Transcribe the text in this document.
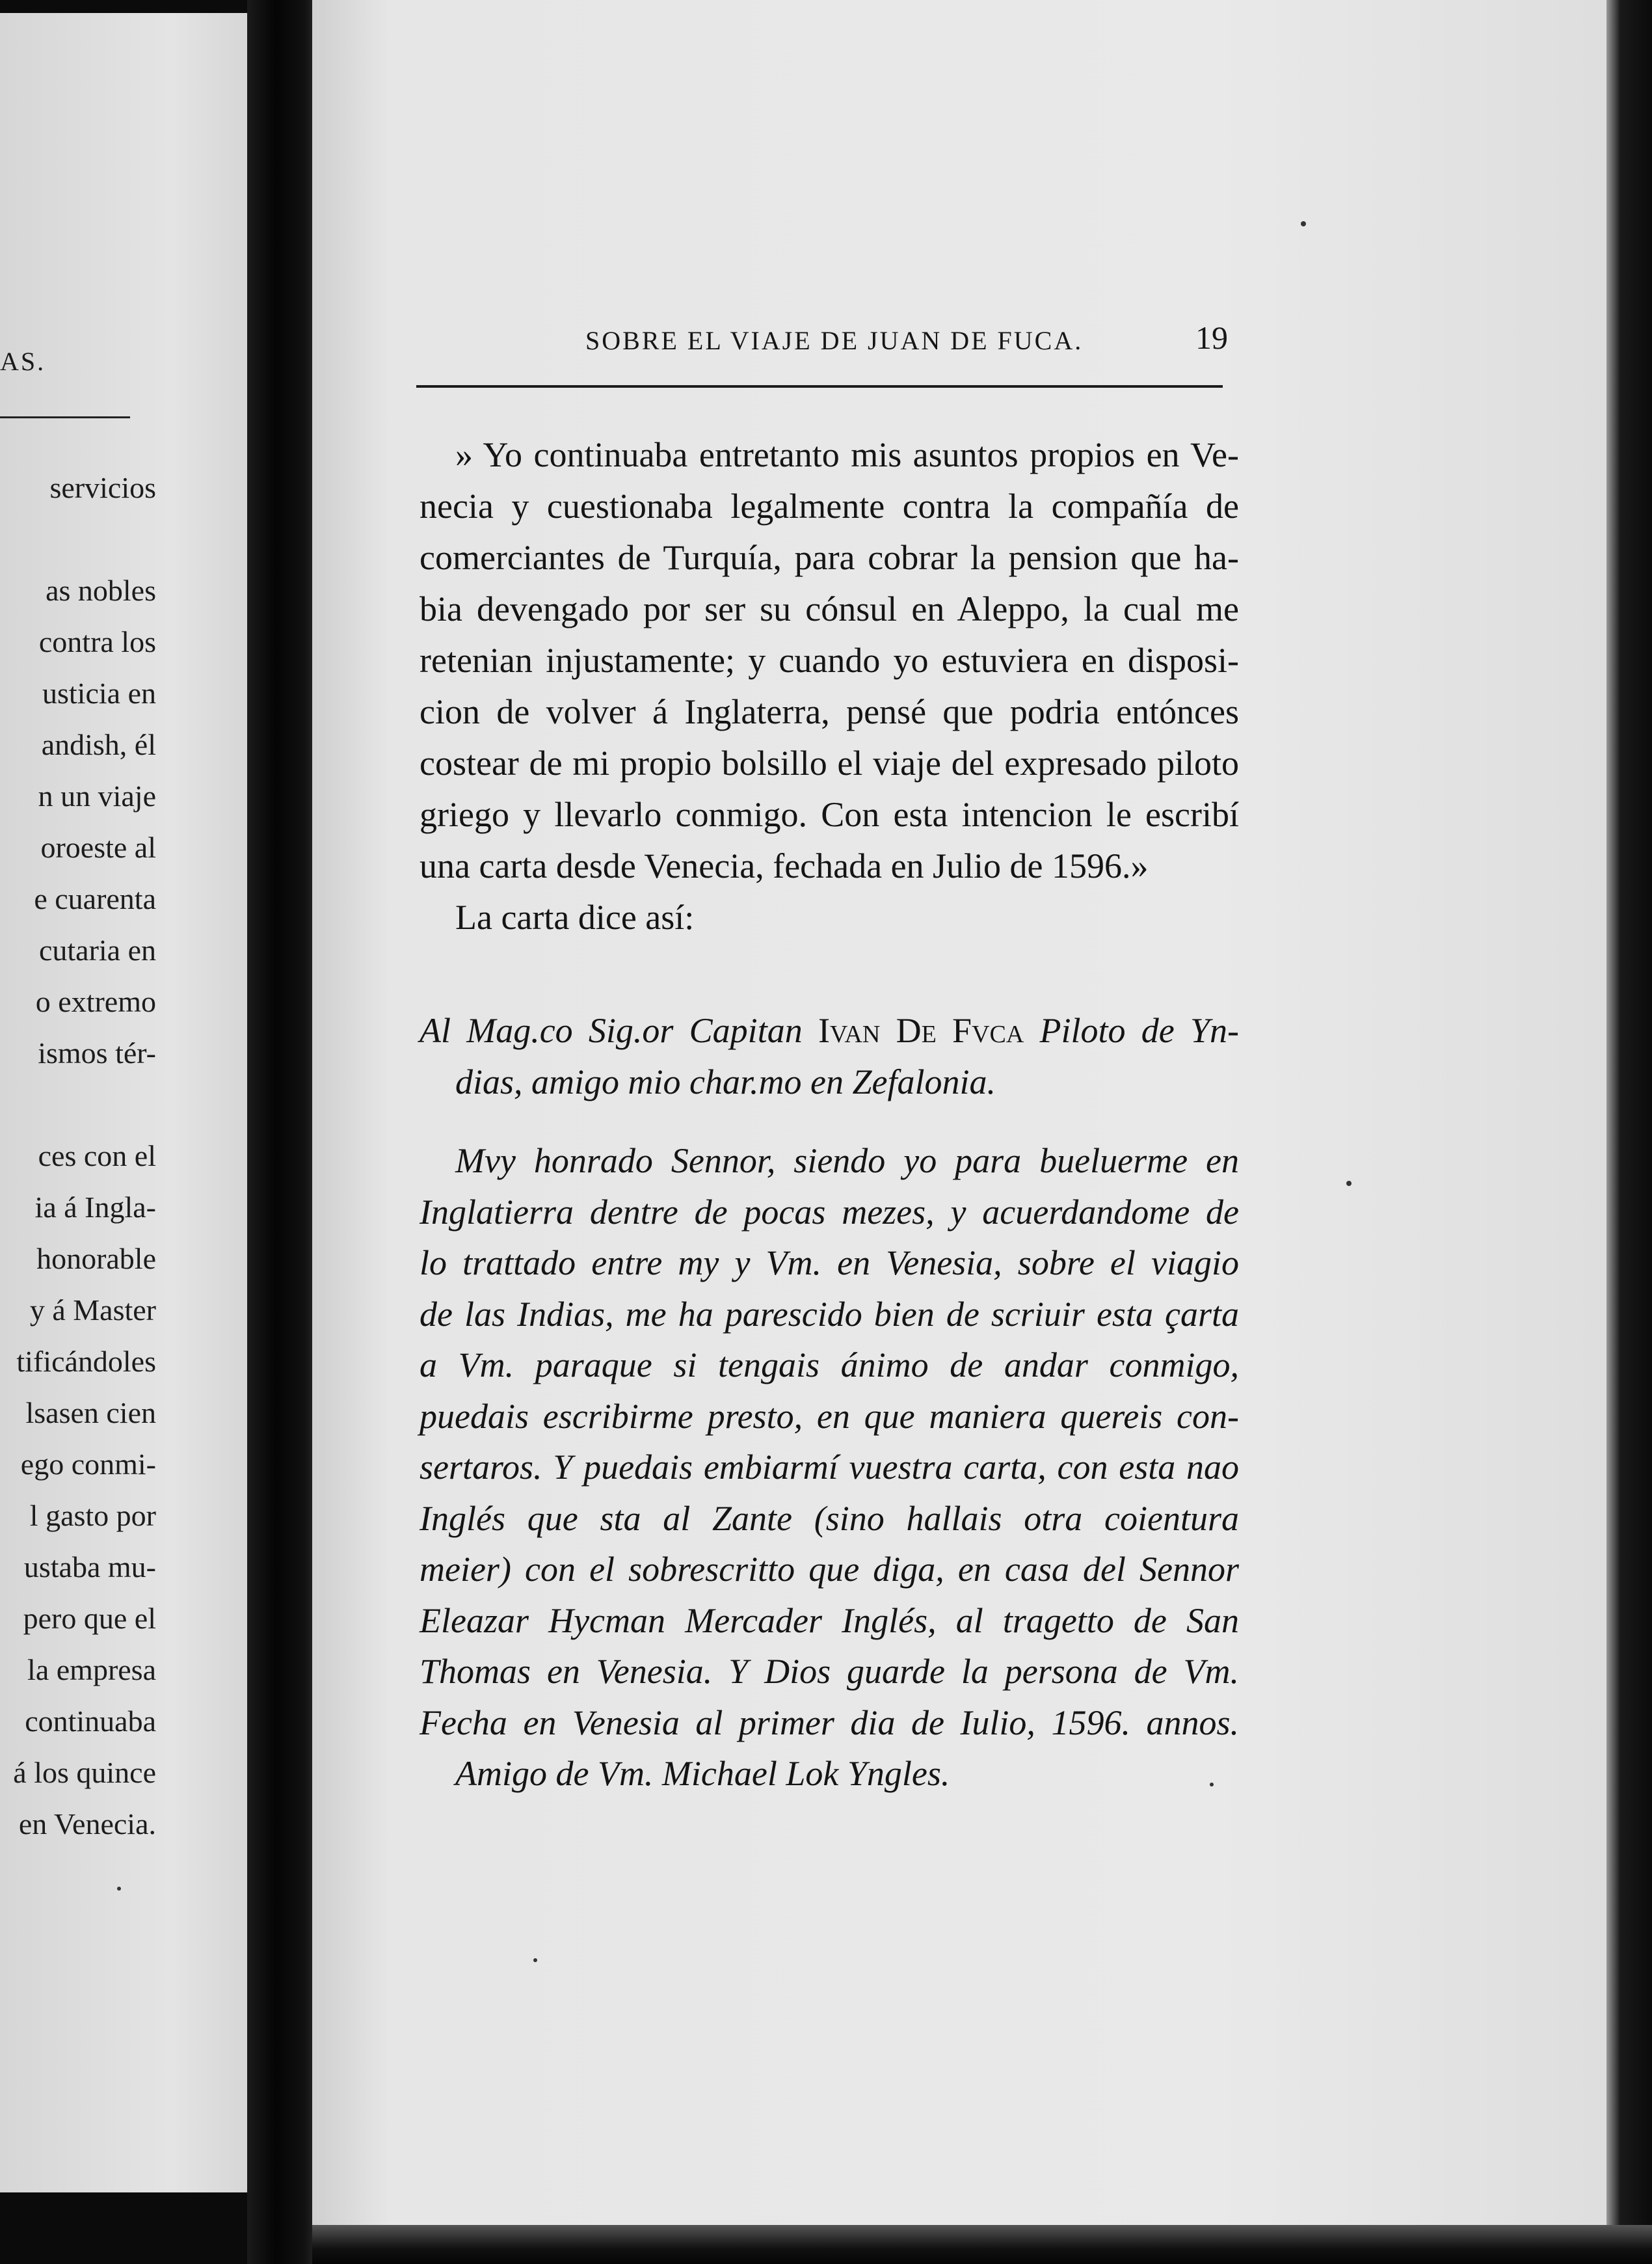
AS.
servicios

as nobles
contra los
usticia en
andish, él
n un viaje
oroeste al
e cuarenta
cutaria en
o extremo
ismos tér-

ces con el
ia á Ingla-
honorable
y á Master
tificándoles
lsasen cien
ego conmi-
l gasto por
ustaba mu-
pero que el
la empresa
continuaba
á los quince
en Venecia.
SOBRE EL VIAJE DE JUAN DE FUCA.	19
» Yo continuaba entretanto mis asuntos propios en Ve-
necia y cuestionaba legalmente contra la compañía de
comerciantes de Turquía, para cobrar la pension que ha-
bia devengado por ser su cónsul en Aleppo, la cual me
retenian injustamente; y cuando yo estuviera en disposi-
cion de volver á Inglaterra, pensé que podria entónces
costear de mi propio bolsillo el viaje del expresado piloto
griego y llevarlo conmigo. Con esta intencion le escribí
una carta desde Venecia, fechada en Julio de 1596.»
La carta dice así:
Al Mag.co Sig.or Capitan Ivan De Fvca Piloto de Yn-
dias, amigo mio char.mo en Zefalonia.
Mvy honrado Sennor, siendo yo para bueluerme en
Inglatierra dentre de pocas mezes, y acuerdandome de
lo trattado entre my y Vm. en Venesia, sobre el viagio
de las Indias, me ha parescido bien de scriuir esta çarta
a Vm. paraque si tengais ánimo de andar conmigo,
puedais escribirme presto, en que maniera quereis con-
sertaros. Y puedais embiarmí vuestra carta, con esta nao
Inglés que sta al Zante (sino hallais otra coientura
meier) con el sobrescritto que diga, en casa del Sennor
Eleazar Hycman Mercader Inglés, al tragetto de San
Thomas en Venesia. Y Dios guarde la persona de Vm.
Fecha en Venesia al primer dia de Iulio, 1596. annos.
Amigo de Vm. Michael Lok Yngles.
